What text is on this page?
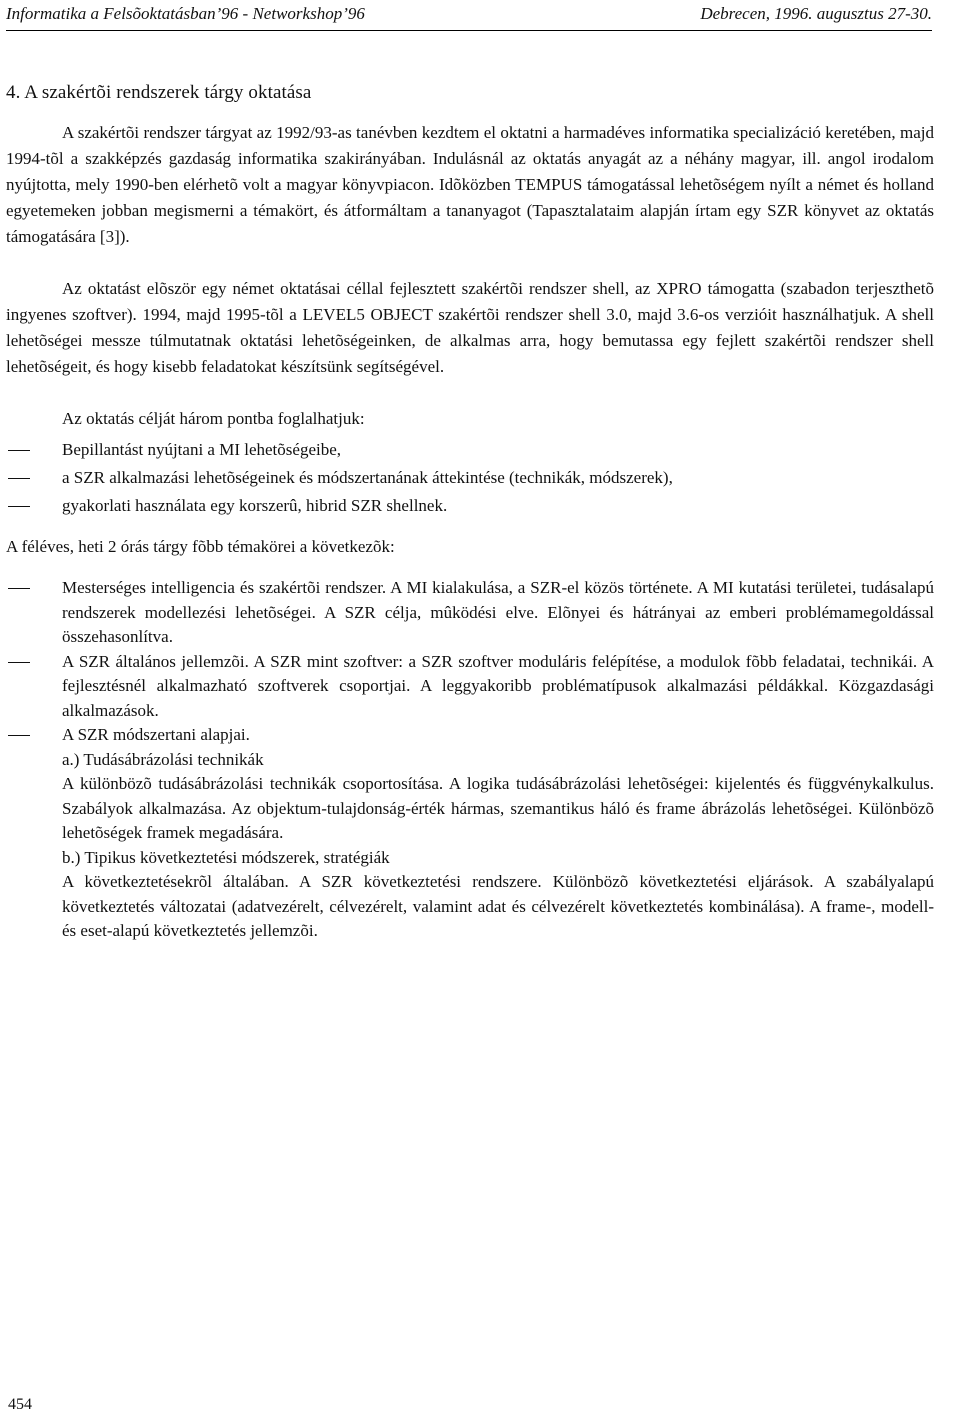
Informatika a Felsõoktatásban’96 - Networkshop’96	Debrecen, 1996. augusztus 27-30.
4. A szakértõi rendszerek tárgy oktatása

A szakértõi rendszer tárgyat az 1992/93-as tanévben kezdtem el oktatni a harmadéves informatika specializáció keretében, majd 1994-tõl a szakképzés gazdaság informatika szakirányában. Indulásnál az oktatás anyagát az a néhány magyar, ill. angol irodalom nyújtotta, mely 1990-ben elérhetõ volt a magyar könyvpiacon. Idõközben TEMPUS támogatással lehetõségem nyílt a német és holland egyetemeken jobban megismerni a témakört, és átformáltam a tananyagot (Tapasztalataim alapján írtam egy SZR könyvet az oktatás támogatására [3]).

Az oktatást elõször egy német oktatásai céllal fejlesztett szakértõi rendszer shell, az XPRO támogatta (szabadon terjeszthetõ ingyenes szoftver). 1994, majd 1995-tõl a LEVEL5 OBJECT szakértõi rendszer shell 3.0, majd 3.6-os verzióit használhatjuk. A shell lehetõségei messze túlmutatnak oktatási lehetõségeinken, de alkalmas arra, hogy bemutassa egy fejlett szakértõi rendszer shell lehetõségeit, és hogy kisebb feladatokat készítsünk segítségével.

Az oktatás célját három pontba foglalhatjuk:
Bepillantást nyújtani a MI lehetõségeibe,
a SZR alkalmazási lehetõségeinek és módszertanának áttekintése (technikák, módszerek),
gyakorlati használata egy korszerû, hibrid SZR shellnek.
A féléves, heti 2 órás tárgy fõbb témakörei a következõk:
Mesterséges intelligencia és szakértõi rendszer. A MI kialakulása, a SZR-el közös története. A MI kutatási területei, tudásalapú rendszerek modellezési lehetõségei. A SZR célja, mûködési elve. Elõnyei és hátrányai az emberi problémamegoldással összehasonlítva.
A SZR általános jellemzõi. A SZR mint szoftver: a SZR szoftver moduláris felépítése, a modulok fõbb feladatai, technikái. A fejlesztésnél alkalmazható szoftverek csoportjai. A leggyakoribb problématípusok alkalmazási példákkal. Közgazdasági alkalmazások.
A SZR módszertani alapjai.
a.) Tudásábrázolási technikák
A különbözõ tudásábrázolási technikák csoportosítása. A logika tudásábrázolási lehetõségei: kijelentés és függvénykalkulus. Szabályok alkalmazása. Az objektum-tulajdonság-érték hármas, szemantikus háló és frame ábrázolás lehetõségei. Különbözõ lehetõségek framek megadására.
b.) Tipikus következtetési módszerek, stratégiák
A következtetésekrõl általában. A SZR következtetési rendszere. Különbözõ következtetési eljárások. A szabályalapú következtetés változatai (adatvezérelt, célvezérelt, valamint adat és célvezérelt következtetés kombinálása). A frame-, modell- és eset-alapú következtetés jellemzõi.
454
